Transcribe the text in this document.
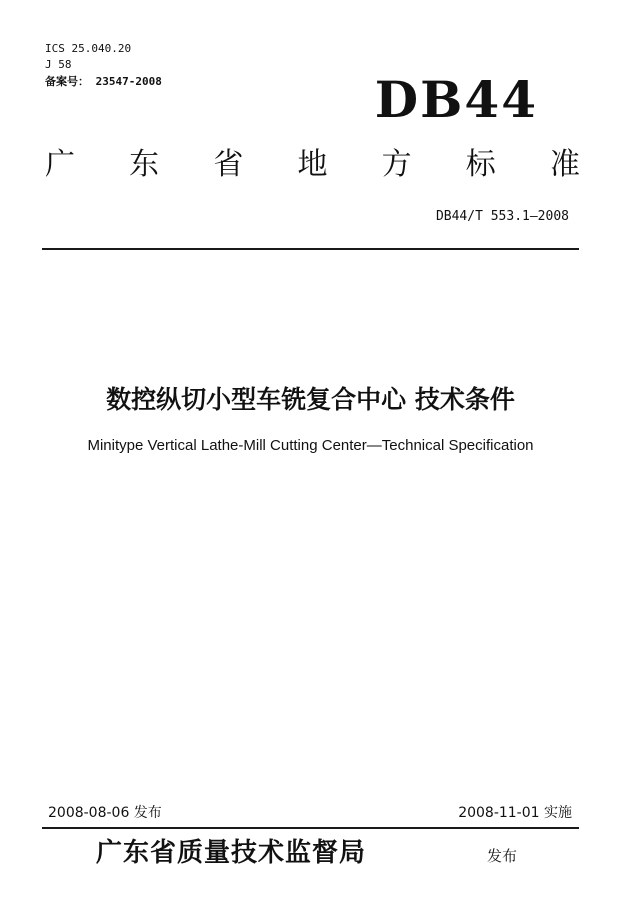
ICS 25.040.20
J 58
备案号： 23547-2008	DB44
广 东 省 地 方 标 准
DB44/T 553.1—2008
数控纵切小型车铣复合中心 技术条件
Minitype Vertical Lathe-Mill Cutting Center—Technical Specification
2008-08-06 发布	2008-11-01 实施
广东省质量技术监督局	发布
